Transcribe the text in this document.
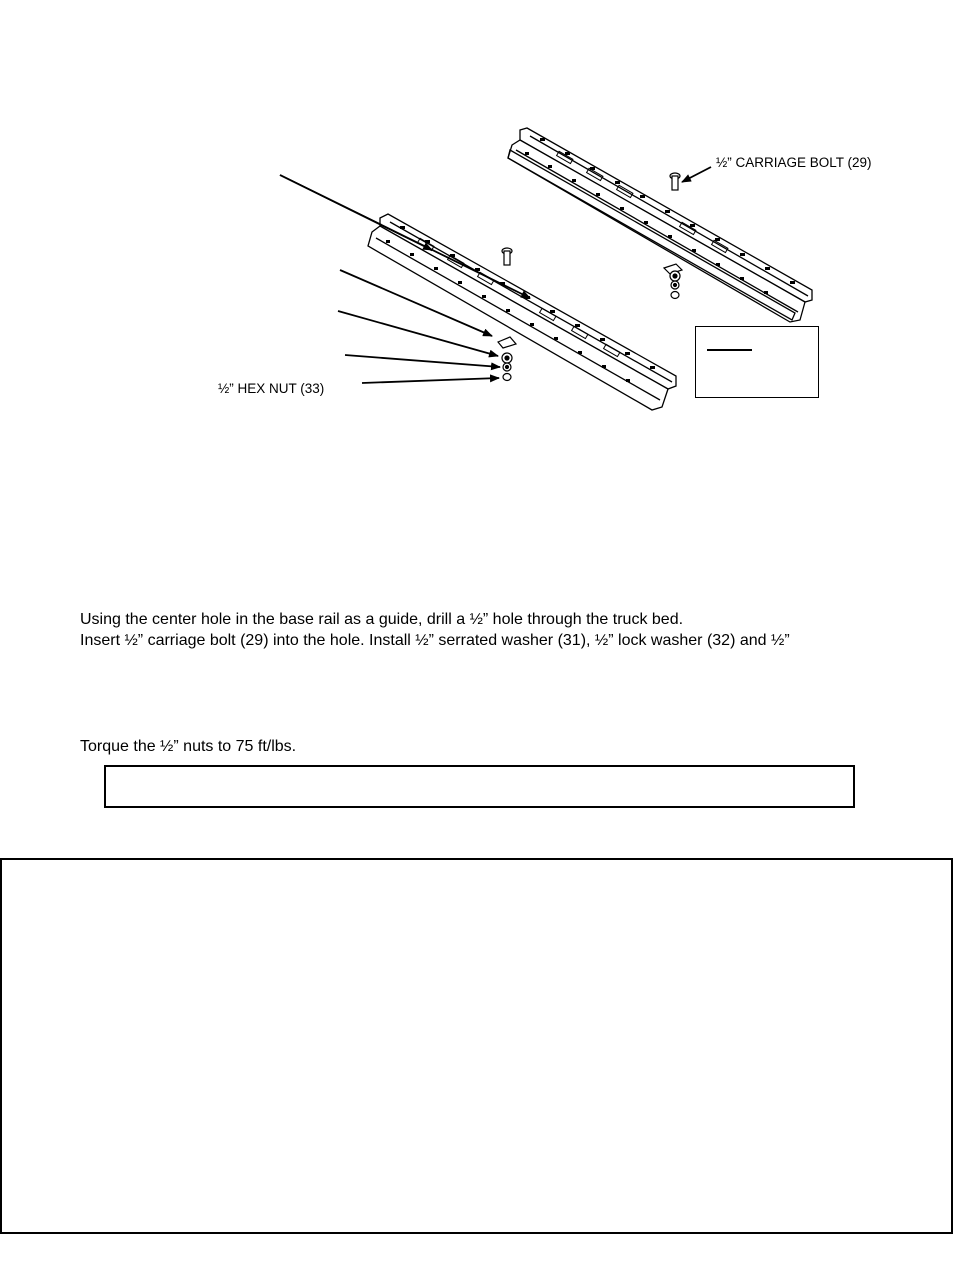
½” CARRIAGE BOLT (29)
½” HEX NUT (33)
Using the center hole in the base rail as a guide, drill a ½” hole through the truck bed.
Insert ½” carriage bolt (29) into the hole. Install ½” serrated washer (31), ½” lock washer (32) and ½”
Torque the ½” nuts to 75 ft/lbs.
